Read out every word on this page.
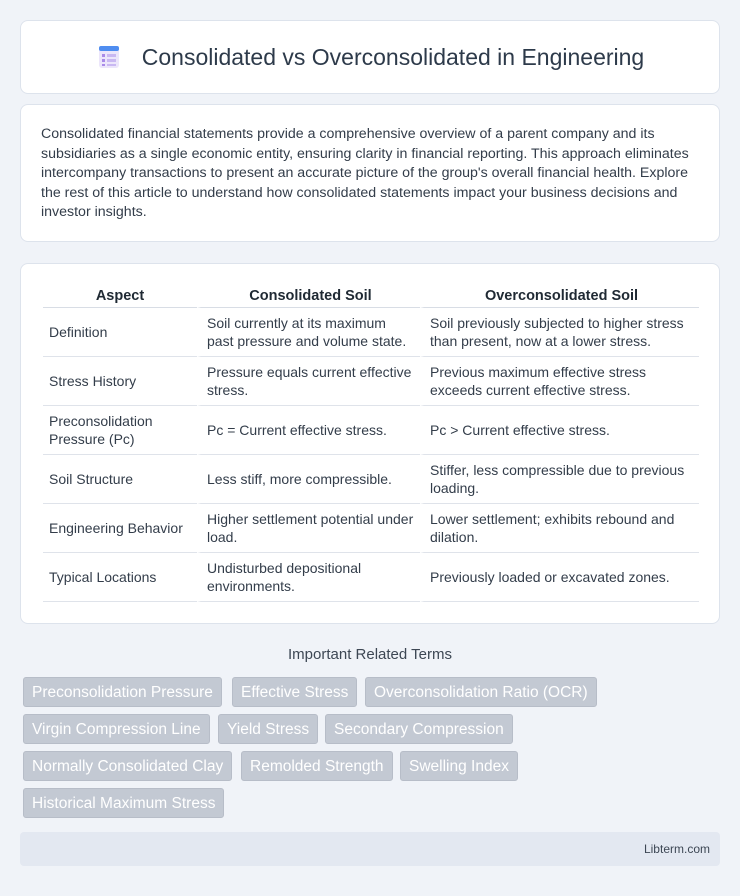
Consolidated vs Overconsolidated in Engineering

Consolidated financial statements provide a comprehensive overview of a parent company and its subsidiaries as a single economic entity, ensuring clarity in financial reporting. This approach eliminates intercompany transactions to present an accurate picture of the group's overall financial health. Explore the rest of this article to understand how consolidated statements impact your business decisions and investor insights.

Aspect	Consolidated Soil	Overconsolidated Soil
Definition	Soil currently at its maximum past pressure and volume state.	Soil previously subjected to higher stress than present, now at a lower stress.
Stress History	Pressure equals current effective stress.	Previous maximum effective stress exceeds current effective stress.
Preconsolidation Pressure (Pc)	Pc = Current effective stress.	Pc > Current effective stress.
Soil Structure	Less stiff, more compressible.	Stiffer, less compressible due to previous loading.
Engineering Behavior	Higher settlement potential under load.	Lower settlement; exhibits rebound and dilation.
Typical Locations	Undisturbed depositional environments.	Previously loaded or excavated zones.
Important Related Terms
Preconsolidation Pressure	Effective Stress	Overconsolidation Ratio (OCR)
Virgin Compression Line	Yield Stress	Secondary Compression
Normally Consolidated Clay	Remolded Strength	Swelling Index
Historical Maximum Stress
Libterm.com
